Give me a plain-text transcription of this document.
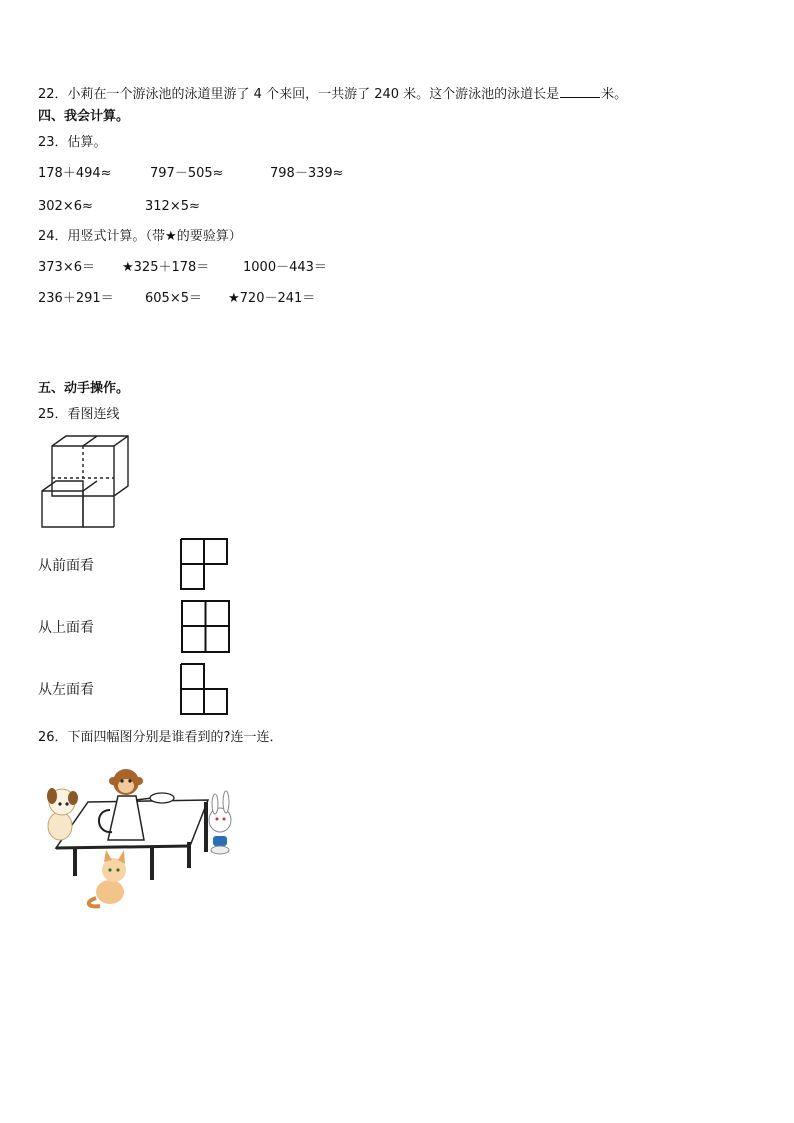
22．小莉在一个游泳池的泳道里游了 4 个来回，一共游了 240 米。这个游泳池的泳道长是	米。
四、我会计算。
23．估算。
178＋494≈	797－505≈	798－339≈
302×6≈	312×5≈
24．用竖式计算。（带★的要验算）
373×6＝ ★325＋178＝	1000－443＝
236＋291＝ 605×5＝ ★720－241＝
五、动手操作。
25．看图连线
从前面看
从上面看
从左面看
26．下面四幅图分别是谁看到的?连一连．
